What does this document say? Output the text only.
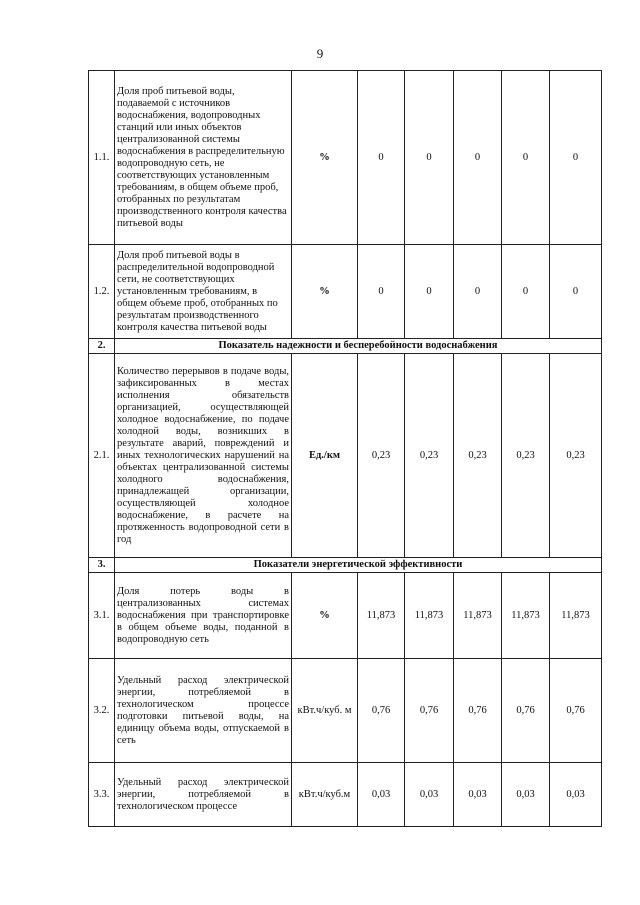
9
1.1.	Доля проб питьевой воды, подаваемой с источников водоснабжения, водопроводных станций или иных объектов централизованной системы водоснабжения в распределительную водопроводную сеть, не соответствующих установленным требованиям, в общем объеме проб, отобранных по результатам производственного контроля качества питьевой воды	%	0	0	0	0	0
1.2.	Доля проб питьевой воды в распределительной водопроводной сети, не соответствующих установленным требованиям, в общем объеме проб, отобранных по результатам производственного контроля качества питьевой воды	%	0	0	0	0	0
2.	Показатель надежности и бесперебойности водоснабжения						
2.1.	Количество перерывов в подаче воды, зафиксированных в местах исполнения обязательств организацией, осуществляющей холодное водоснабжение, по подаче холодной воды, возникших в результате аварий, повреждений и иных технологических нарушений на объектах централизованной системы холодного водоснабжения, принадлежащей организации, осуществляющей холодное водоснабжение, в расчете на протяженность водопроводной сети в год	Ед./км	0,23	0,23	0,23	0,23	0,23
3.	Показатели энергетической эффективности						
3.1.	Доля потерь воды в централизованных системах водоснабжения при транспортировке в общем объеме воды, поданной в водопроводную сеть	%	11,873	11,873	11,873	11,873	11,873
3.2.	Удельный расход электрической энергии, потребляемой в технологическом процессе подготовки питьевой воды, на единицу объема воды, отпускаемой в сеть	кВт.ч/куб. м	0,76	0,76	0,76	0,76	0,76
3.3.	Удельный расход электрической энергии, потребляемой в технологическом процессе	кВт.ч/куб.м	0,03	0,03	0,03	0,03	0,03
